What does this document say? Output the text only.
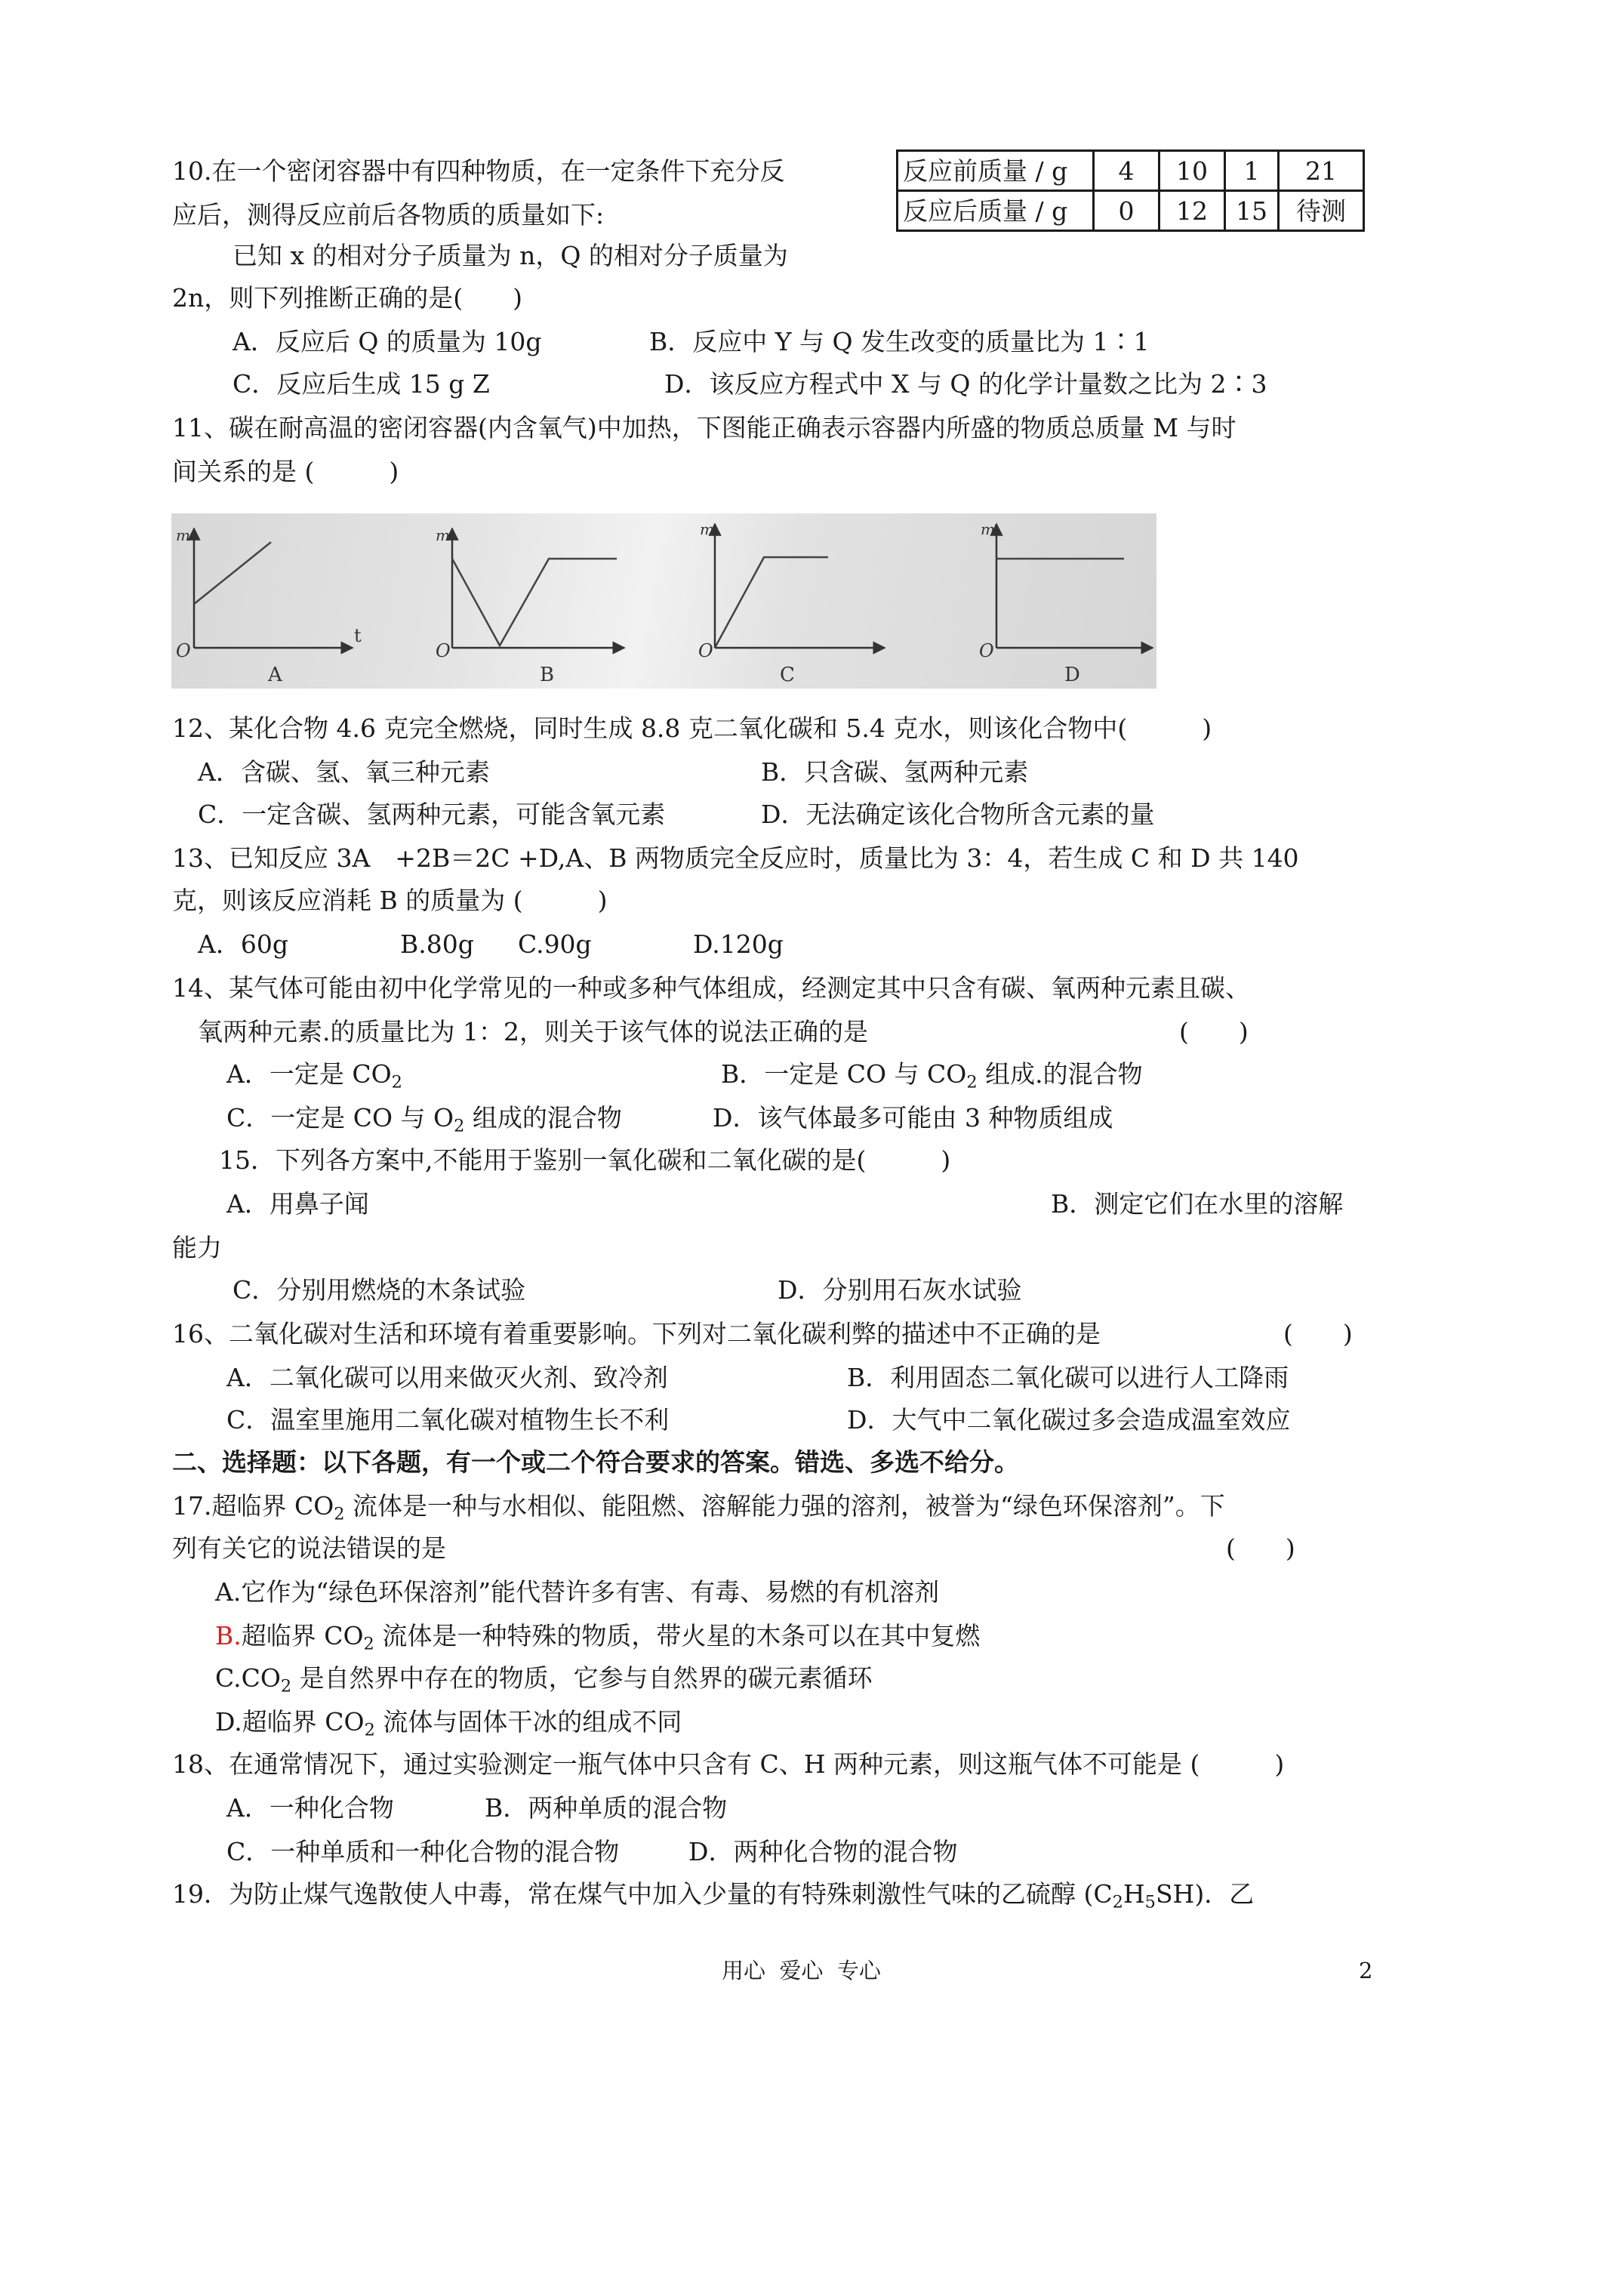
10.在一个密闭容器中有四种物质，在一定条件下充分反
应后，测得反应前后各物质的质量如下:
已知 x 的相对分子质量为 n，Q 的相对分子质量为
2n，则下列推断正确的是(　　)
A．反应后 Q 的质量为 10g	B．反应中 Y 与 Q 发生改变的质量比为 1∶1
C．反应后生成 15 g Z	D．该反应方程式中 X 与 Q 的化学计量数之比为 2∶3
反应前质量 / g	4	10	1	21
反应后质量 / g	0	12	15	待测
11、碳在耐高温的密闭容器(内含氧气)中加热，下图能正确表示容器内所盛的物质总质量 M 与时
间关系的是 (　　　)
m
O
t
A
m
O
B
m
O
C
m
O
D
12、某化合物 4.6 克完全燃烧，同时生成 8.8 克二氧化碳和 5.4 克水，则该化合物中(　　　)
A．含碳、氢、氧三种元素	B．只含碳、氢两种元素
C．一定含碳、氢两种元素，可能含氧元素	D．无法确定该化合物所含元素的量
13、已知反应 3A　+2B＝2C +D,A、B 两物质完全反应时，质量比为 3：4，若生成 C 和 D 共 140
克，则该反应消耗 B 的质量为 (　　　)
A．60g	B.80g C.90g	D.120g
14、某气体可能由初中化学常见的一种或多种气体组成，经测定其中只含有碳、氧两种元素且碳、
氧两种元素.的质量比为 1：2，则关于该气体的说法正确的是	(　　)
A．一定是 $CO_2$	B．一定是 CO 与 $CO_2$ 组成.的混合物
C．一定是 CO 与 $O_2$ 组成的混合物	D．该气体最多可能由 3 种物质组成
15．下列各方案中,不能用于鉴别一氧化碳和二氧化碳的是(　　　)
A．用鼻子闻	B．测定它们在水里的溶解
能力
C．分别用燃烧的木条试验	D．分别用石灰水试验
16、二氧化碳对生活和环境有着重要影响。下列对二氧化碳利弊的描述中不正确的是	(　　)
A．二氧化碳可以用来做灭火剂、致冷剂	B．利用固态二氧化碳可以进行人工降雨
C．温室里施用二氧化碳对植物生长不利	D．大气中二氧化碳过多会造成温室效应
二、选择题：以下各题，有一个或二个符合要求的答案。错选、多选不给分。
17.超临界 $CO_2$ 流体是一种与水相似、能阻燃、溶解能力强的溶剂，被誉为“绿色环保溶剂”。下
列有关它的说法错误的是	(　　)
A.它作为“绿色环保溶剂”能代替许多有害、有毒、易燃的有机溶剂
B.超临界 $CO_2$ 流体是一种特殊的物质，带火星的木条可以在其中复燃
$C.CO_2$ 是自然界中存在的物质，它参与自然界的碳元素循环
D.超临界 $CO_2$ 流体与固体干冰的组成不同
18、在通常情况下，通过实验测定一瓶气体中只含有 C、H 两种元素，则这瓶气体不可能是 (　　　)
A．一种化合物	B．两种单质的混合物
C．一种单质和一种化合物的混合物	D．两种化合物的混合物
19．为防止煤气逸散使人中毒，常在煤气中加入少量的有特殊刺激性气味的乙硫醇 $(C_2H_5SH)$．乙
用心  爱心  专心	2
